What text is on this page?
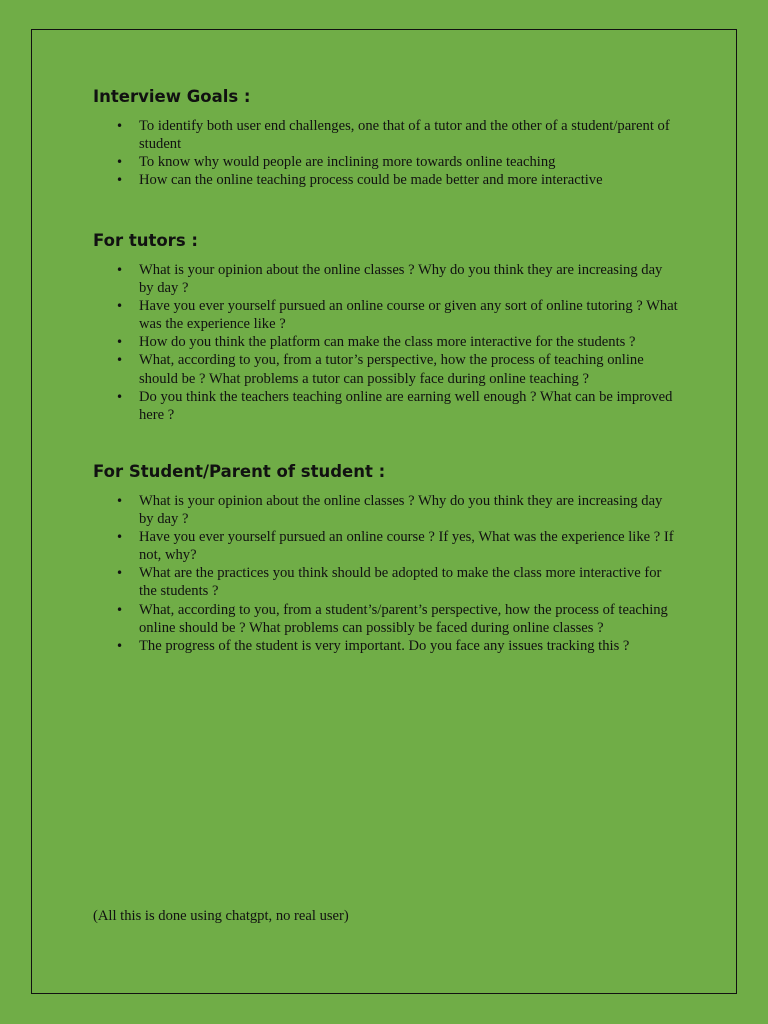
Interview Goals :
• To identify both user end challenges, one that of a tutor and the other of a student/parent of student
• To know why would people are inclining more towards online teaching
• How can the online teaching process could be made better and more interactive
For tutors :
• What is your opinion about the online classes ? Why do you think they are increasing day by day ?
• Have you ever yourself pursued an online course or given any sort of online tutoring ? What was the experience like ?
• How do you think the platform can make the class more interactive for the students ?
• What, according to you, from a tutor’s perspective, how the process of teaching online should be ? What problems a tutor can possibly face during online teaching ?
• Do you think the teachers teaching online are earning well enough ? What can be improved here ?
For Student/Parent of student :
• What is your opinion about the online classes ? Why do you think they are increasing day by day ?
• Have you ever yourself pursued an online course ? If yes, What was the experience like ? If not, why?
• What are the practices you think should be adopted to make the class more interactive for the students ?
• What, according to you, from a student’s/parent’s perspective, how the process of teaching online should be ? What problems can possibly be faced during online classes ?
• The progress of the student is very important. Do you face any issues tracking this ?
(All this is done using chatgpt, no real user)
